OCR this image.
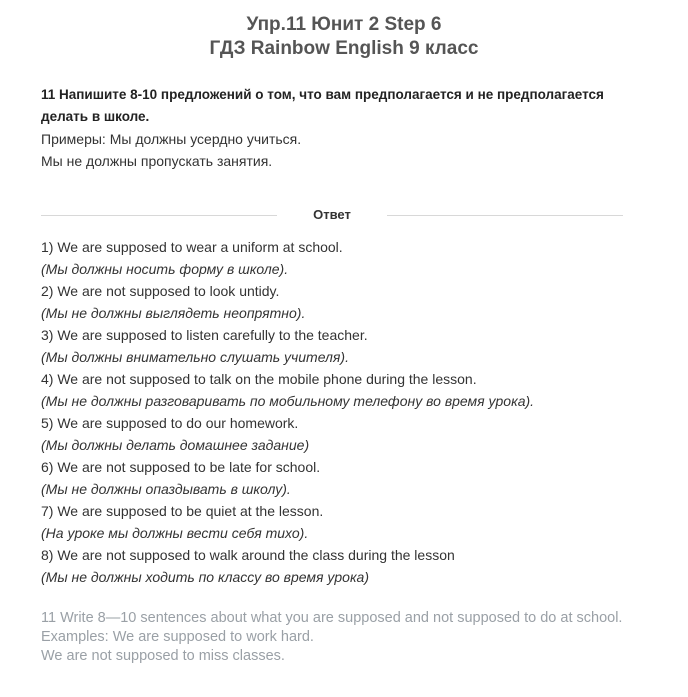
Упр.11 Юнит 2 Step 6
ГДЗ Rainbow English 9 класс
11 Напишите 8-10 предложений о том, что вам предполагается и не предполагается делать в школе.
Примеры: Мы должны усердно учиться.
Мы не должны пропускать занятия.
Ответ
1) We are supposed to wear a uniform at school.
(Мы должны носить форму в школе).
2) We are not supposed to look untidy.
(Мы не должны выглядеть неопрятно).
3) We are supposed to listen carefully to the teacher.
(Мы должны внимательно слушать учителя).
4) We are not supposed to talk on the mobile phone during the lesson.
(Мы не должны разговаривать по мобильному телефону во время урока).
5) We are supposed to do our homework.
(Мы должны делать домашнее задание)
6) We are not supposed to be late for school.
(Мы не должны опаздывать в школу).
7) We are supposed to be quiet at the lesson.
(На уроке мы должны вести себя тихо).
8) We are not supposed to walk around the class during the lesson
(Мы не должны ходить по классу во время урока)
11 Write 8—10 sentences about what you are supposed and not supposed to do at school.
Examples: We are supposed to work hard.
We are not supposed to miss classes.
